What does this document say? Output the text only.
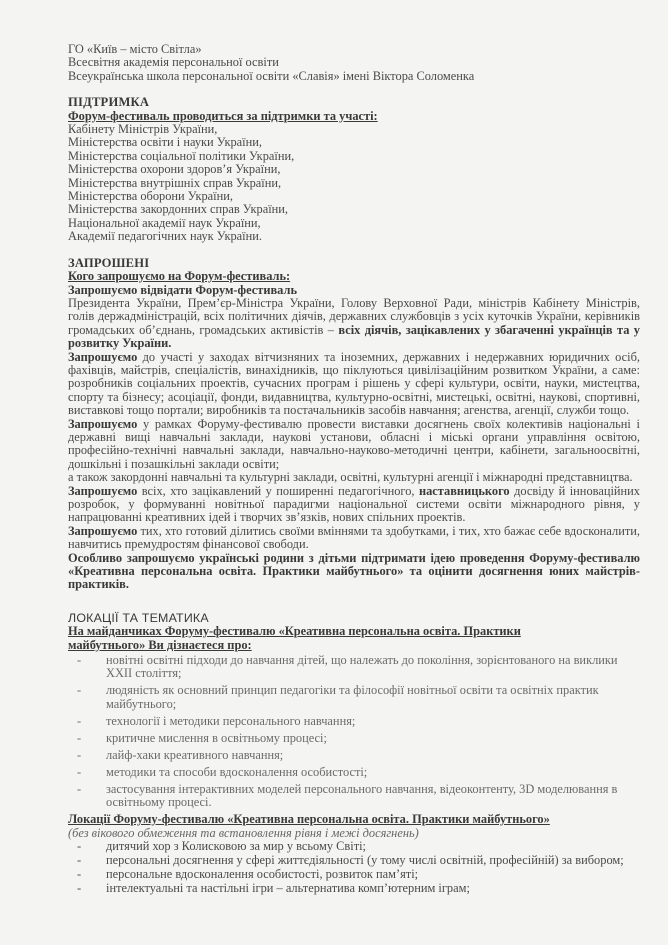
ГО «Київ – місто Світла»
Всесвітня академія персональної освіти
Всеукраїнська школа персональної освіти «Славія» імені Віктора Соломенка
ПІДТРИМКА
Форум-фестиваль проводиться за підтримки та участі:
Кабінету Міністрів України,
Міністерства освіти і науки України,
Міністерства соціальної політики України,
Міністерства охорони здоров’я України,
Міністерства внутрішніх справ України,
Міністерства оборони України,
Міністерства закордонних справ України,
Національної академії наук України,
Академії педагогічних наук України.
ЗАПРОШЕНІ
Кого запрошуємо на Форум-фестиваль:
Запрошуємо відвідати Форум-фестиваль

Президента України, Прем’єр-Міністра України, Голову Верховної Ради, міністрів Кабінету Міністрів, голів держадміністрацій, всіх політичних діячів, державних службовців з усіх куточків України, керівників громадських об’єднань, громадських активістів – всіх діячів, зацікавлених у збагаченні українців та у розвитку України.

Запрошуємо до участі у заходах вітчизняних та іноземних, державних і недержавних юридичних осіб, фахівців, майстрів, спеціалістів, винахідників, що піклуються цивілізаційним розвитком України, а саме: розробників соціальних проектів, сучасних програм і рішень у сфері культури, освіти, науки, мистецтва, спорту та бізнесу; асоціації, фонди, видавництва, культурно-освітні, мистецькі, освітні, наукові, спортивні, виставкові тощо портали; виробників та постачальників засобів навчання; агенства, агенції, служби тощо.

Запрошуємо у рамках Форуму-фестивалю провести виставки досягнень своїх колективів національні і державні вищі навчальні заклади, наукові установи, обласні і міські органи управління освітою, професійно-технічні навчальні заклади, навчально-науково-методичні центри, кабінети, загальноосвітні, дошкільні і позашкільні заклади освіти;

а також закордонні навчальні та культурні заклади, освітні, культурні агенції і міжнародні представництва.

Запрошуємо всіх, хто зацікавлений у поширенні педагогічного, наставницького досвіду й інноваційних розробок, у формуванні новітньої парадигми національної системи освіти міжнародного рівня, у напрацюванні креативних ідей і творчих зв’язків, нових спільних проектів.

Запрошуємо тих, хто готовий ділитись своїми вміннями та здобутками, і тих, хто бажає себе вдосконалити, навчитись премудростям фінансової свободи.

Особливо запрошуємо українські родини з дітьми підтримати ідею проведення Форуму-фестивалю «Креативна персональна освіта. Практики майбутнього» та оцінити досягнення юних майстрів-практиків.

ЛОКАЦІЇ ТА ТЕМАТИКА
На майданчиках Форуму-фестивалю «Креативна персональна освіта. Практики
майбутнього» Ви дізнаєтеся про:
- новітні освітні підходи до навчання дітей, що належать до покоління, зорієнтованого на виклики XXII століття;
- людяність як основний принцип педагогіки та філософії новітньої освіти та освітніх практик майбутнього;
- технології і методики персонального навчання;
- критичне мислення в освітньому процесі;
- лайф-хаки креативного навчання;
- методики та способи вдосконалення особистості;
- застосування інтерактивних моделей персонального навчання, відеоконтенту, 3D моделювання в освітньому процесі.
Локації Форуму-фестивалю «Креативна персональна освіта. Практики майбутнього»
(без вікового обмеження та встановлення рівня і межі досягнень)
- дитячий хор з Колисковою за мир у всьому Світі;
- персональні досягнення у сфері життєдіяльності (у тому числі освітній, професійній) за вибором;
- персональне вдосконалення особистості, розвиток пам’яті;
- інтелектуальні та настільні ігри – альтернатива комп’ютерним іграм;
